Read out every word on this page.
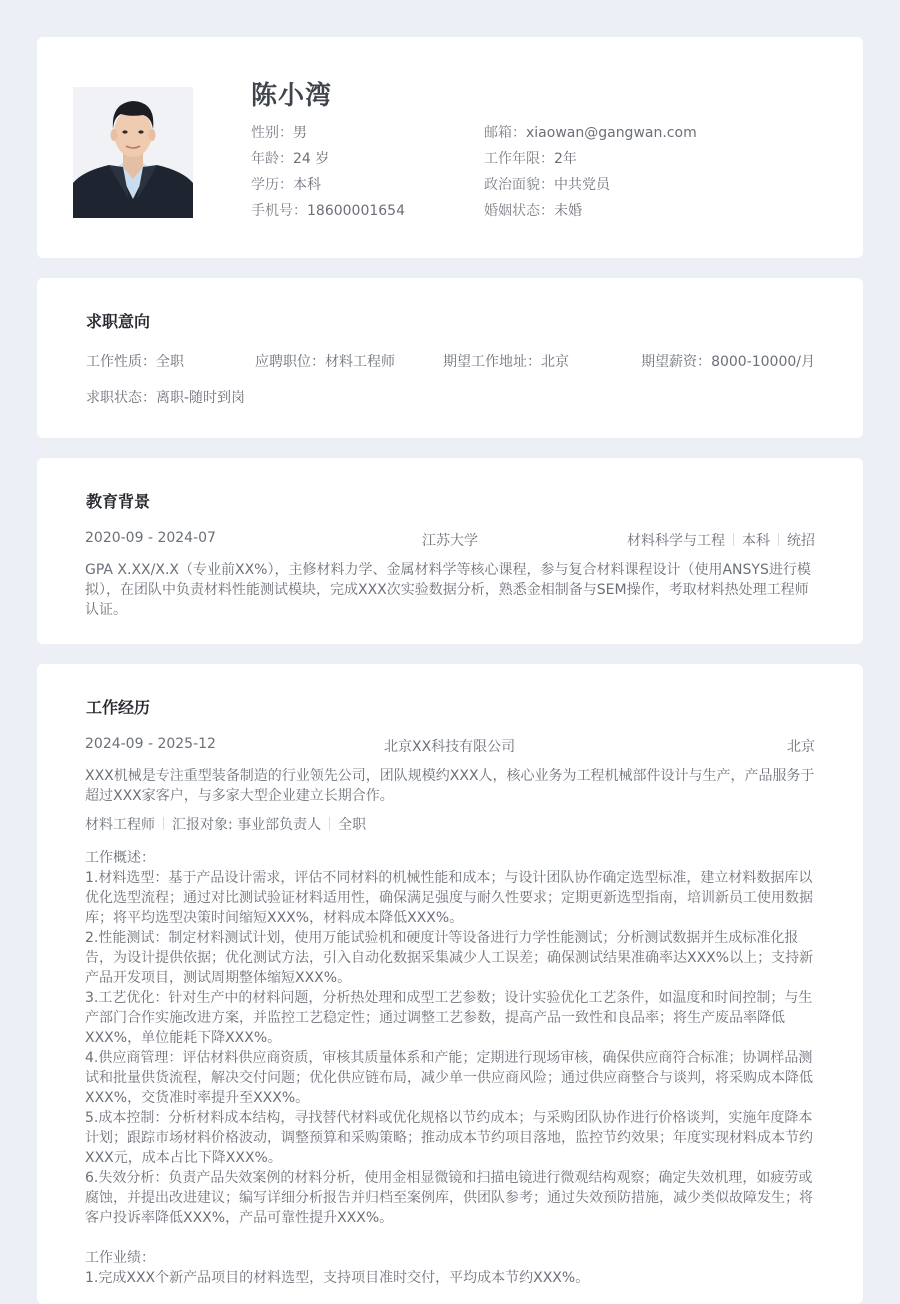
陈小湾
性别：男
年龄：24 岁
学历：本科
手机号：18600001654
邮箱：xiaowan@gangwan.com
工作年限：2年
政治面貌：中共党员
婚姻状态：未婚
求职意向
工作性质：全职	应聘职位：材料工程师	期望工作地址：北京	期望薪资：8000-10000/月
求职状态：离职-随时到岗
教育背景
2020-09 - 2024-07	江苏大学	材料科学与工程 本科 统招
GPA X.XX/X.X（专业前XX%），主修材料力学、金属材料学等核心课程，参与复合材料课程设计（使用ANSYS进行模拟），在团队中负责材料性能测试模块，完成XXX次实验数据分析，熟悉金相制备与SEM操作，考取材料热处理工程师认证。
工作经历
2024-09 - 2025-12	北京XX科技有限公司	北京
XXX机械是专注重型装备制造的行业领先公司，团队规模约XXX人，核心业务为工程机械部件设计与生产，产品服务于超过XXX家客户，与多家大型企业建立长期合作。
材料工程师 汇报对象: 事业部负责人 全职
工作概述：
1.材料选型：基于产品设计需求，评估不同材料的机械性能和成本；与设计团队协作确定选型标准，建立材料数据库以优化选型流程；通过对比测试验证材料适用性，确保满足强度与耐久性要求；定期更新选型指南，培训新员工使用数据库；将平均选型决策时间缩短XXX%，材料成本降低XXX%。
2.性能测试：制定材料测试计划，使用万能试验机和硬度计等设备进行力学性能测试；分析测试数据并生成标准化报告，为设计提供依据；优化测试方法，引入自动化数据采集减少人工误差；确保测试结果准确率达XXX%以上；支持新产品开发项目，测试周期整体缩短XXX%。
3.工艺优化：针对生产中的材料问题，分析热处理和成型工艺参数；设计实验优化工艺条件，如温度和时间控制；与生产部门合作实施改进方案，并监控工艺稳定性；通过调整工艺参数，提高产品一致性和良品率；将生产废品率降低XXX%，单位能耗下降XXX%。
4.供应商管理：评估材料供应商资质，审核其质量体系和产能；定期进行现场审核，确保供应商符合标准；协调样品测试和批量供货流程，解决交付问题；优化供应链布局，减少单一供应商风险；通过供应商整合与谈判，将采购成本降低XXX%，交货准时率提升至XXX%。
5.成本控制：分析材料成本结构，寻找替代材料或优化规格以节约成本；与采购团队协作进行价格谈判，实施年度降本计划；跟踪市场材料价格波动，调整预算和采购策略；推动成本节约项目落地，监控节约效果；年度实现材料成本节约XXX元，成本占比下降XXX%。
6.失效分析：负责产品失效案例的材料分析，使用金相显微镜和扫描电镜进行微观结构观察；确定失效机理，如疲劳或腐蚀，并提出改进建议；编写详细分析报告并归档至案例库，供团队参考；通过失效预防措施，减少类似故障发生；将客户投诉率降低XXX%，产品可靠性提升XXX%。
工作业绩：
1.完成XXX个新产品项目的材料选型，支持项目准时交付，平均成本节约XXX%。
